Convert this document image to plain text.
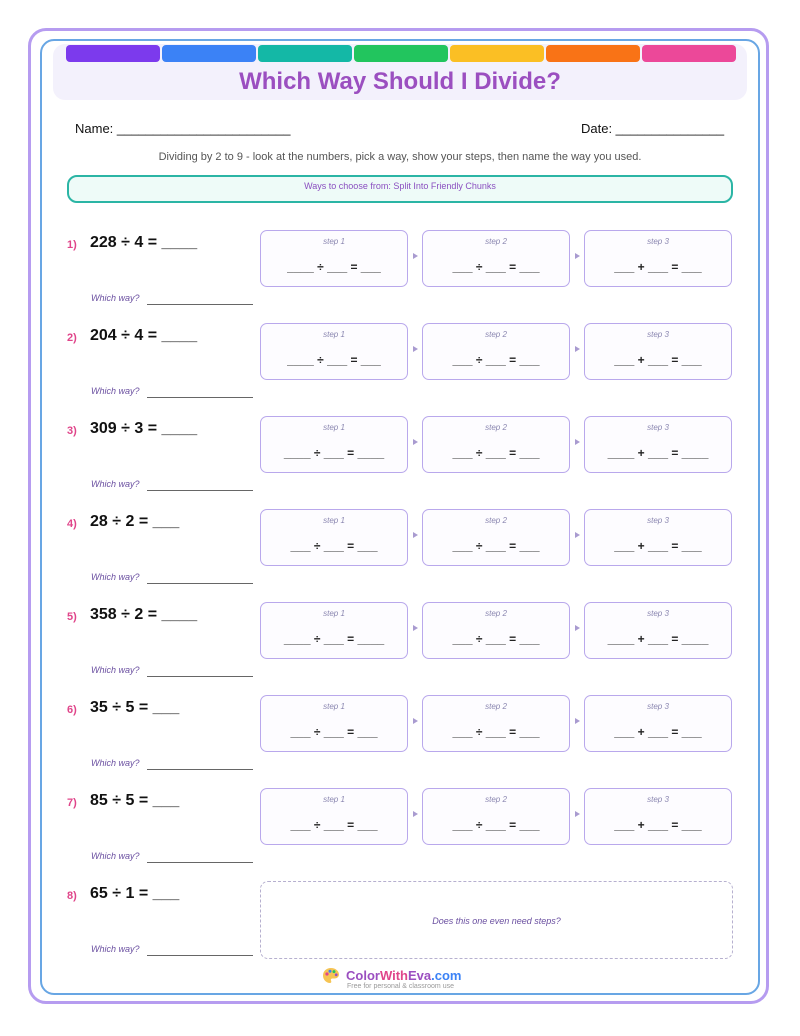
Which Way Should I Divide?
Name: ________________________	Date: _______________
Dividing by 2 to 9 - look at the numbers, pick a way, show your steps, then name the way you used.
Ways to choose from: Split Into Friendly Chunks
1) 228 ÷ 4 = ____
Which way?
step 1
____ ÷ ___ = ___
step 2
___ ÷ ___ = ___
step 3
___ + ___ = ___
2) 204 ÷ 4 = ____
Which way?
step 1
____ ÷ ___ = ___
step 2
___ ÷ ___ = ___
step 3
___ + ___ = ___
3) 309 ÷ 3 = ____
Which way?
step 1
____ ÷ ___ = ____
step 2
___ ÷ ___ = ___
step 3
____ + ___ = ____
4) 28 ÷ 2 = ___
Which way?
step 1
___ ÷ ___ = ___
step 2
___ ÷ ___ = ___
step 3
___ + ___ = ___
5) 358 ÷ 2 = ____
Which way?
step 1
____ ÷ ___ = ____
step 2
___ ÷ ___ = ___
step 3
____ + ___ = ____
6) 35 ÷ 5 = ___
Which way?
step 1
___ ÷ ___ = ___
step 2
___ ÷ ___ = ___
step 3
___ + ___ = ___
7) 85 ÷ 5 = ___
Which way?
step 1
___ ÷ ___ = ___
step 2
___ ÷ ___ = ___
step 3
___ + ___ = ___
8) 65 ÷ 1 = ___
Which way?
Does this one even need steps?
ColorWithEva.com
Free for personal & classroom use
